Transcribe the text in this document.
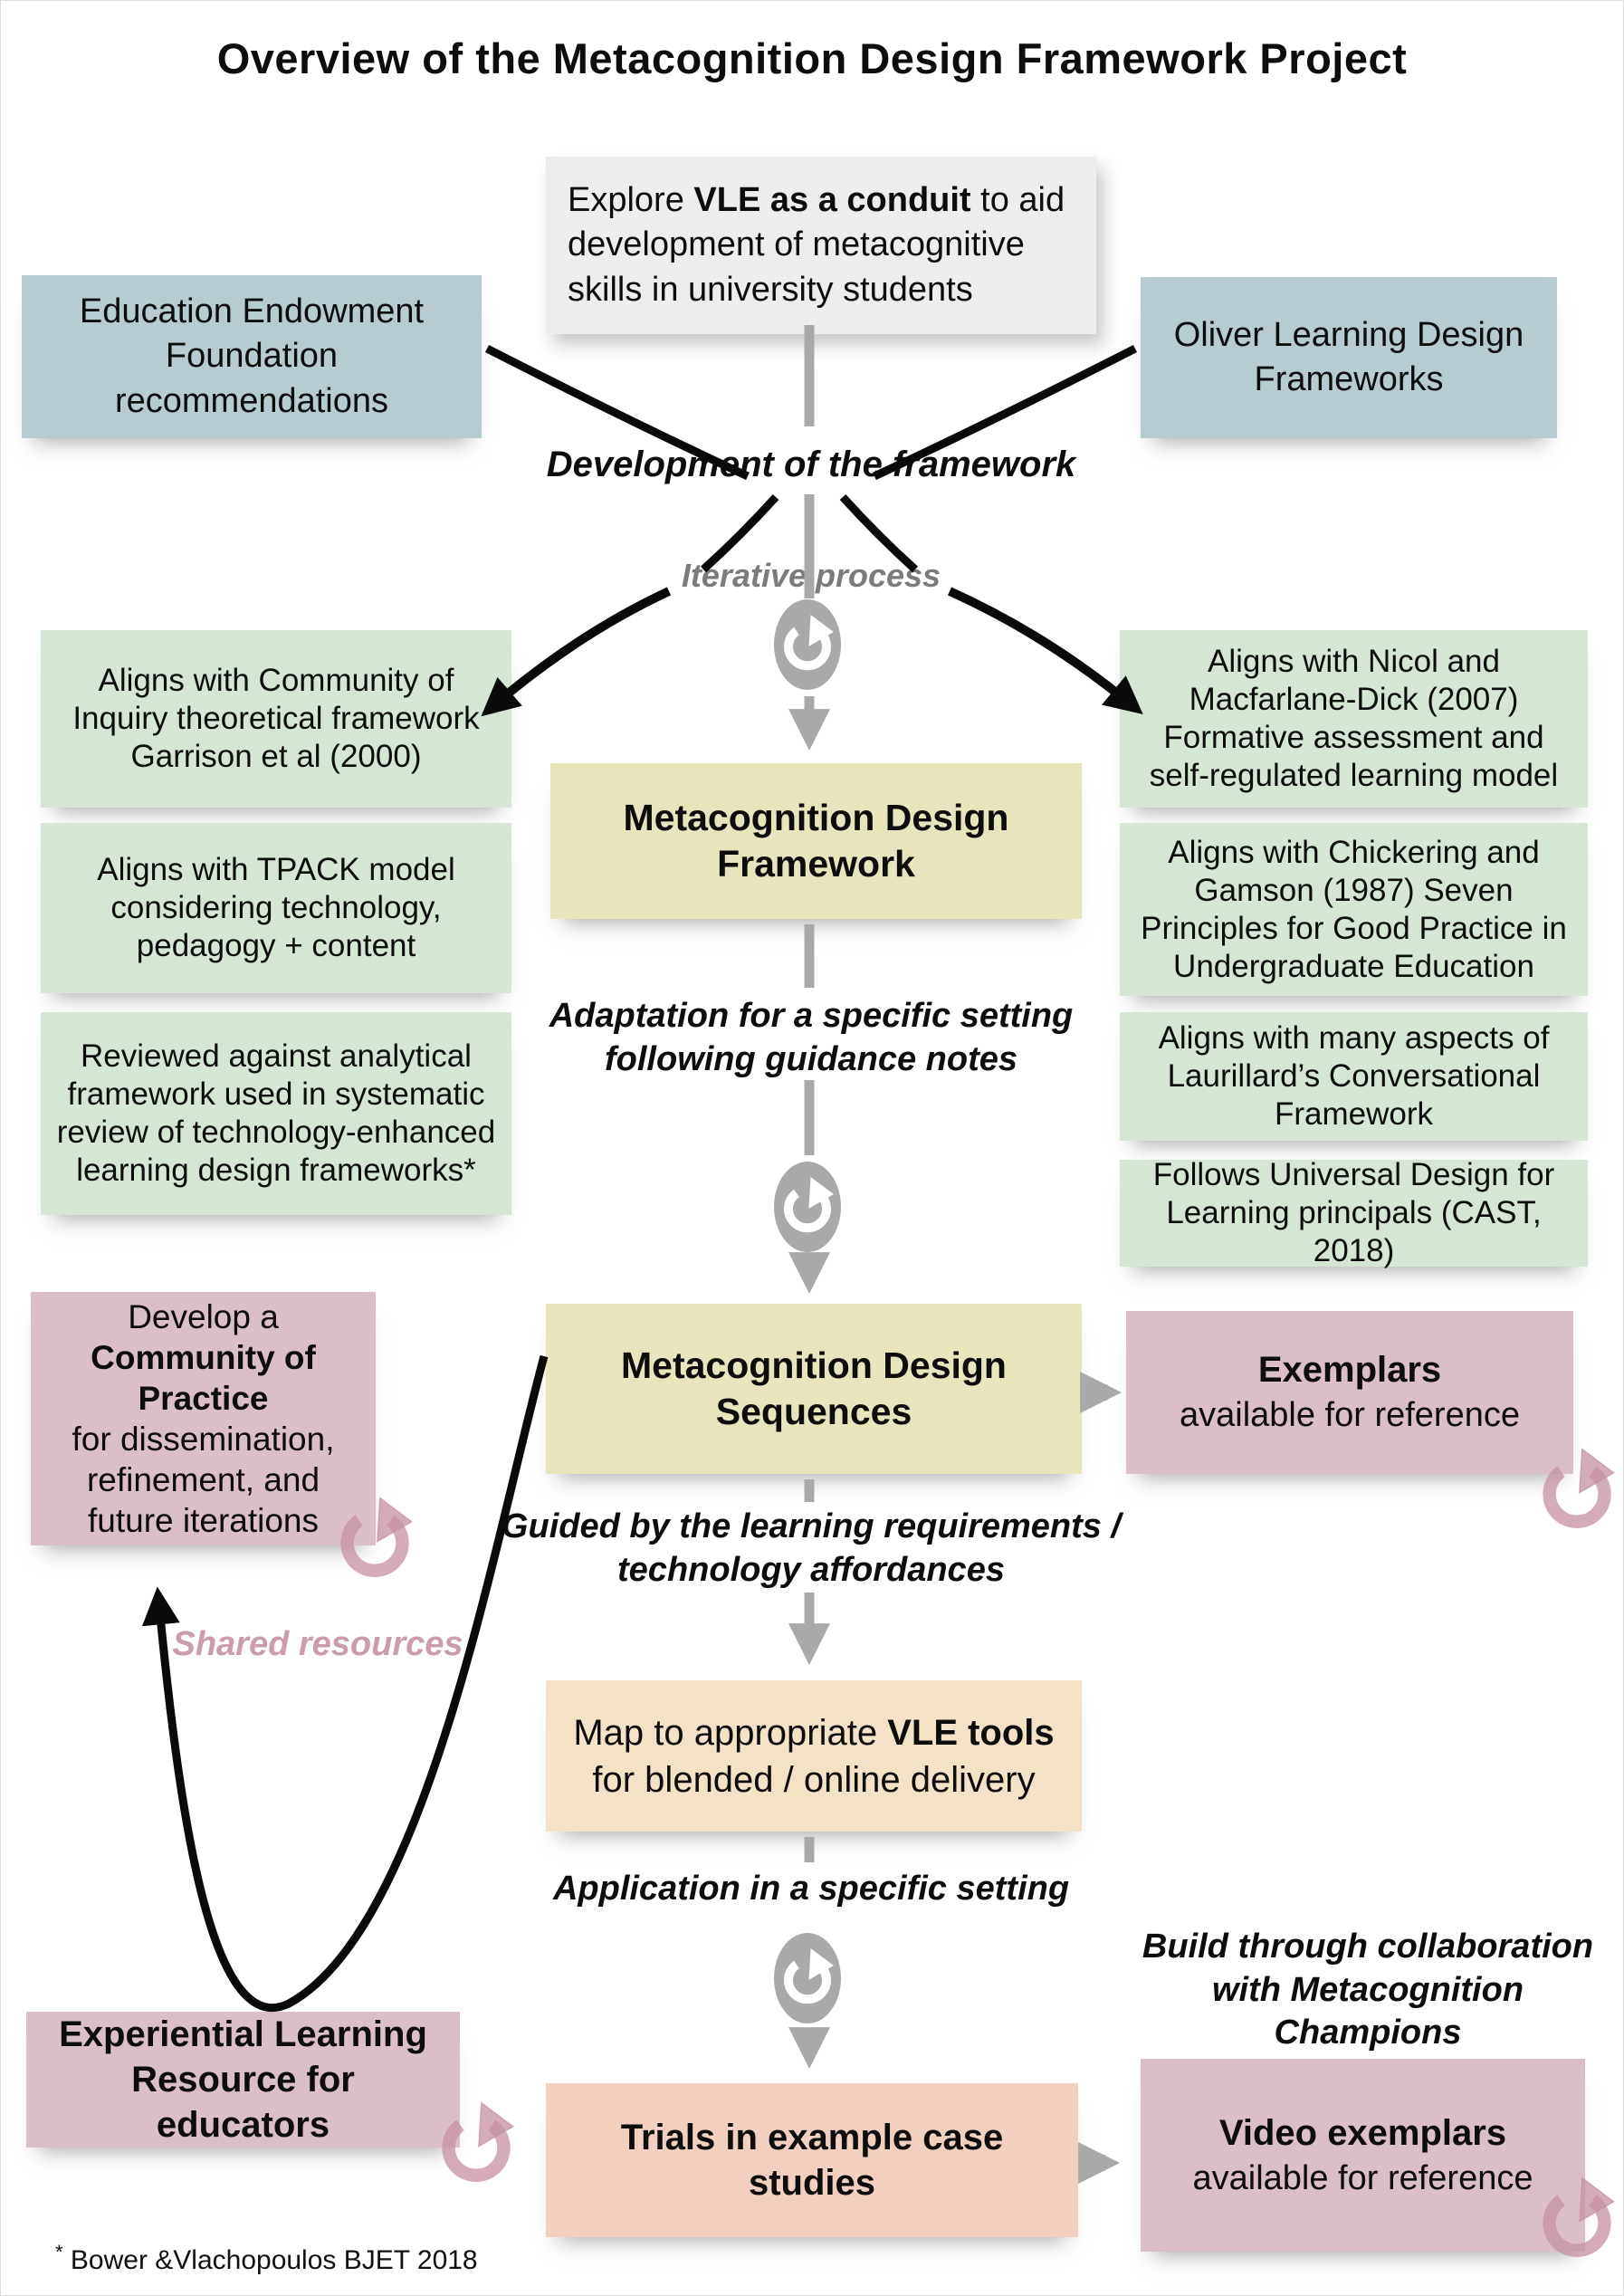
Overview of the Metacognition Design Framework Project
Explore VLE as a conduit to aid development of metacognitive skills in university students
Education Endowment Foundation recommendations
Oliver Learning Design Frameworks
Development of the framework
Iterative process
Aligns with Community of Inquiry theoretical framework Garrison et al (2000)
Aligns with TPACK model considering technology, pedagogy + content
Reviewed against analytical framework used in systematic review of technology-enhanced learning design frameworks*
Aligns with Nicol and Macfarlane-Dick (2007) Formative assessment and self-regulated learning model
Aligns with Chickering and Gamson (1987) Seven Principles for Good Practice in Undergraduate Education
Aligns with many aspects of Laurillard’s Conversational Framework
Follows Universal Design for Learning principals (CAST, 2018)
Metacognition Design Framework
Adaptation for a specific setting following guidance notes
Metacognition Design Sequences
Exemplars
available for reference
Develop a
Community of Practice
for dissemination, refinement, and future iterations
Shared resources
Guided by the learning requirements / technology affordances
Map to appropriate VLE tools for blended / online delivery
Application in a specific setting
Build through collaboration with Metacognition Champions
Experiential Learning Resource for educators	Trials in example case studies
Video exemplars
available for reference
* Bower &Vlachopoulos BJET 2018
